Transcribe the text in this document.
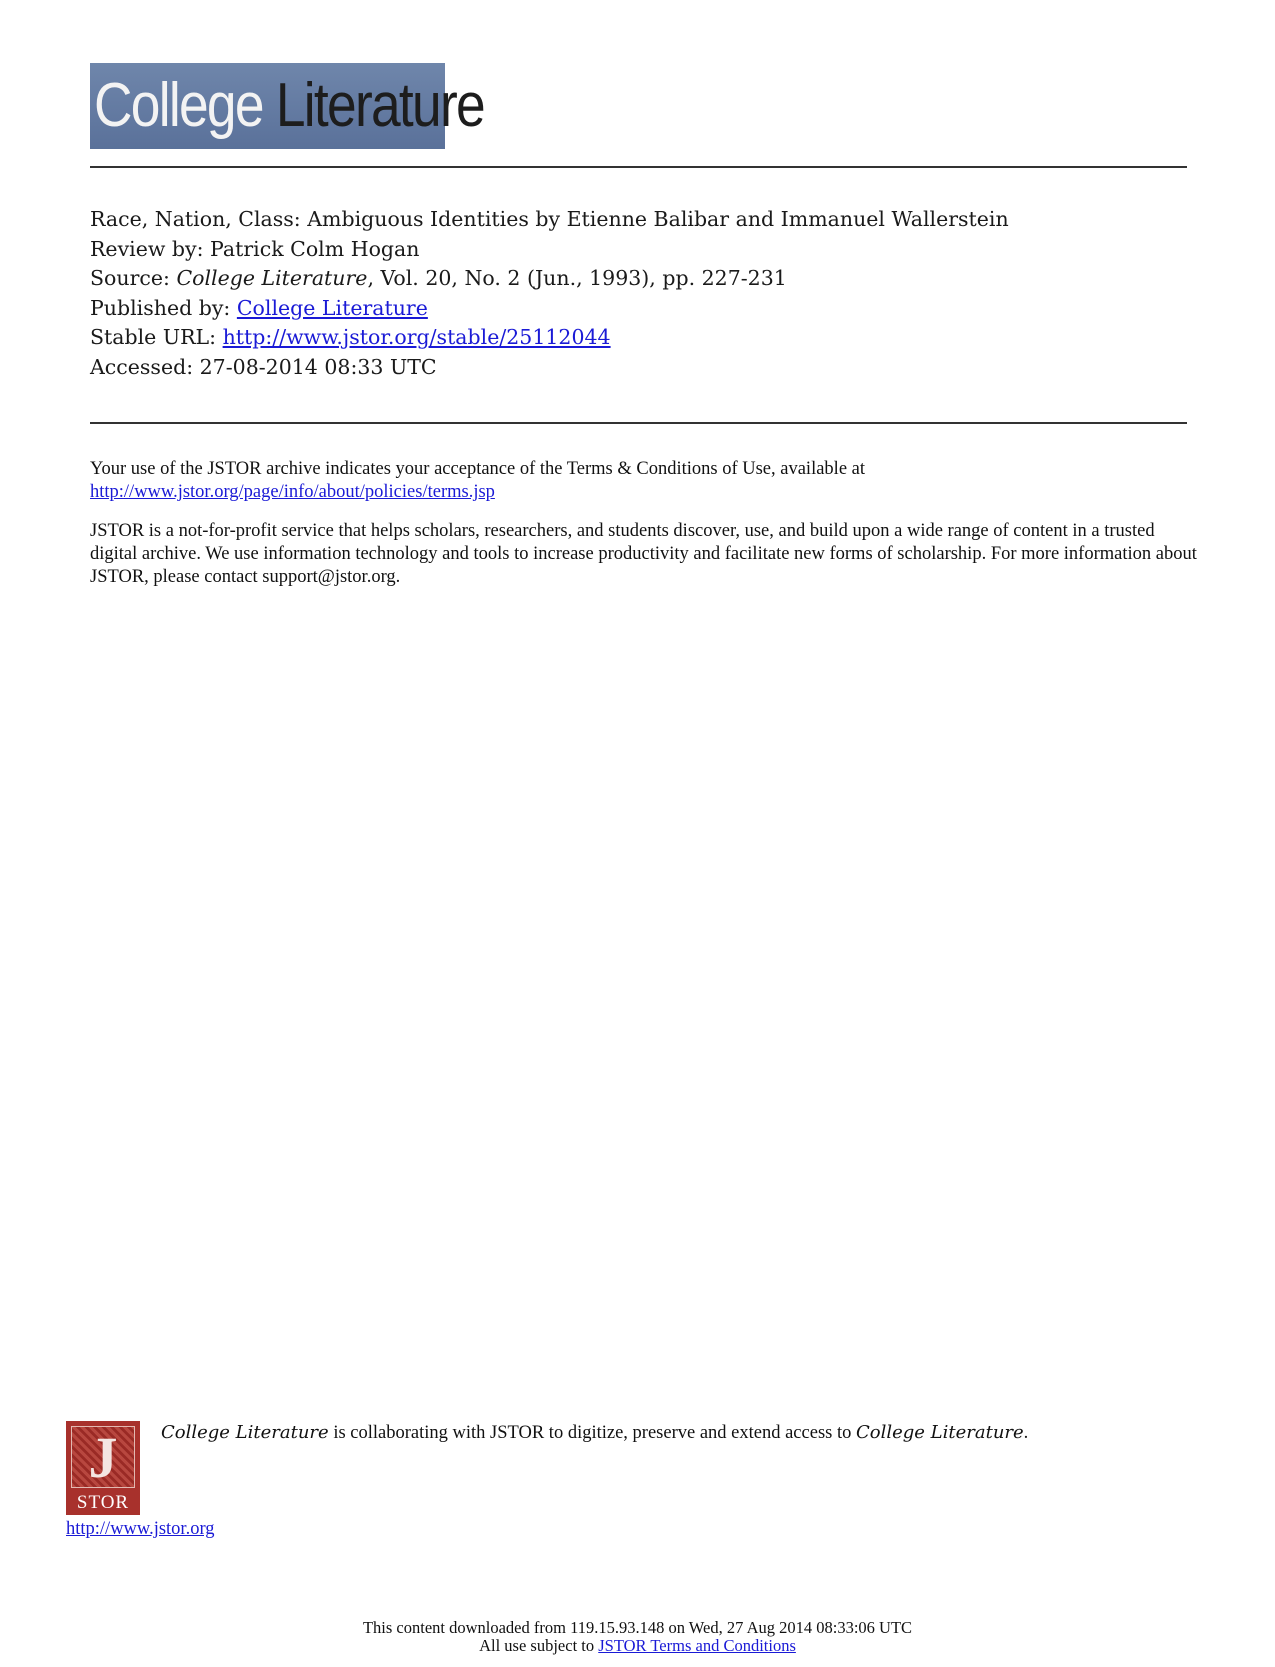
College Literature
Race, Nation, Class: Ambiguous Identities by Etienne Balibar and Immanuel Wallerstein
Review by: Patrick Colm Hogan
Source: College Literature, Vol. 20, No. 2 (Jun., 1993), pp. 227-231
Published by: College Literature
Stable URL: http://www.jstor.org/stable/25112044
Accessed: 27-08-2014 08:33 UTC

Your use of the JSTOR archive indicates your acceptance of the Terms & Conditions of Use, available at
http://www.jstor.org/page/info/about/policies/terms.jsp

JSTOR is a not-for-profit service that helps scholars, researchers, and students discover, use, and build upon a wide range of content in a trusted digital archive. We use information technology and tools to increase productivity and facilitate new forms of scholarship. For more information about JSTOR, please contact support@jstor.org.

J
STOR
College Literature is collaborating with JSTOR to digitize, preserve and extend access to College Literature.
http://www.jstor.org
This content downloaded from 119.15.93.148 on Wed, 27 Aug 2014 08:33:06 UTC
All use subject to JSTOR Terms and Conditions
